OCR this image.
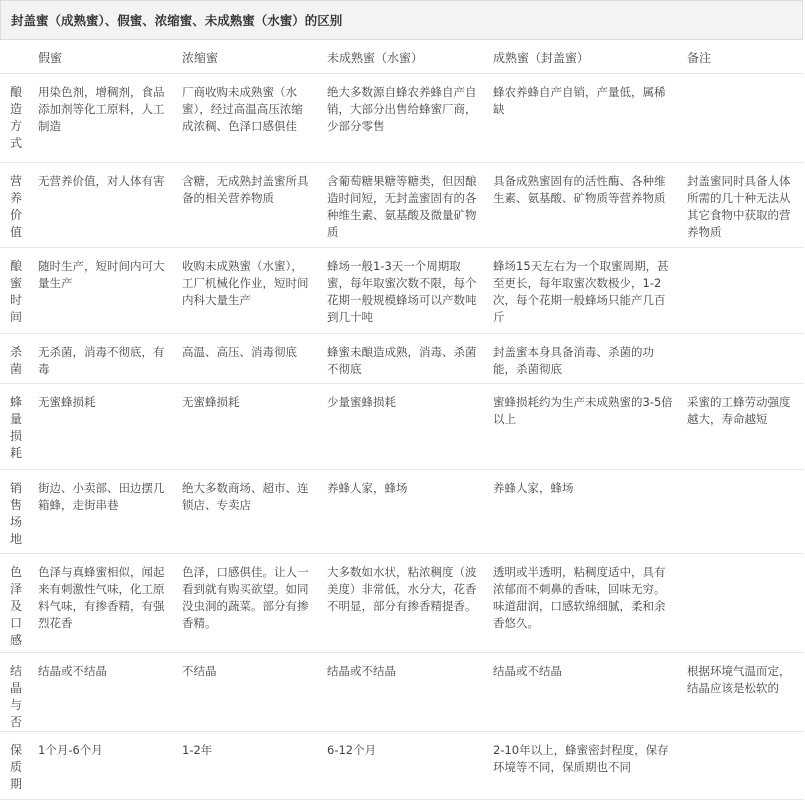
封盖蜜（成熟蜜）、假蜜、浓缩蜜、未成熟蜜（水蜜）的区别
	假蜜	浓缩蜜	未成熟蜜（水蜜）	成熟蜜（封盖蜜）	备注

酿造方式	用染色剂，增稠剂，食品添加剂等化工原料，人工制造	厂商收购未成熟蜜（水蜜），经过高温高压浓缩成浓稠、色泽口感俱佳	绝大多数源自蜂农养蜂自产自销，大部分出售给蜂蜜厂商，少部分零售	蜂农养蜂自产自销，产量低，属稀缺	

营养价值	无营养价值，对人体有害	含糖，无成熟封盖蜜所具备的相关营养物质	含葡萄糖果糖等糖类，但因酿造时间短，无封盖蜜固有的各种维生素、氨基酸及微量矿物质	具备成熟蜜固有的活性酶、各种维生素、氨基酸、矿物质等营养物质	封盖蜜同时具备人体所需的几十种无法从其它食物中获取的营养物质

酿蜜时间	随时生产，短时间内可大量生产	收购未成熟蜜（水蜜），工厂机械化作业，短时间内科大量生产	蜂场一般1-3天一个周期取蜜，每年取蜜次数不限，每个花期一般规模蜂场可以产数吨到几十吨	蜂场15天左右为一个取蜜周期，甚至更长，每年取蜜次数极少，1-2次，每个花期一般蜂场只能产几百斤	

杀菌	无杀菌，消毒不彻底，有毒	高温、高压、消毒彻底	蜂蜜未酿造成熟，消毒、杀菌不彻底	封盖蜜本身具备消毒、杀菌的功能，杀菌彻底	

蜂量损耗	无蜜蜂损耗	无蜜蜂损耗	少量蜜蜂损耗	蜜蜂损耗约为生产未成熟蜜的3-5倍以上	采蜜的工蜂劳动强度越大，寿命越短

销售场地	街边、小卖部、田边摆几箱蜂，走街串巷	绝大多数商场、超市、连锁店、专卖店	养蜂人家，蜂场	养蜂人家，蜂场	

色泽及口感	色泽与真蜂蜜相似，闻起来有刺激性气味，化工原料气味，有掺香精，有强烈花香	色泽，口感俱佳。让人一看到就有购买欲望。如同没虫洞的蔬菜。部分有掺香精。	大多数如水状，粘浓稠度（波美度）非常低，水分大，花香不明显，部分有掺香精提香。	透明或半透明，粘稠度适中，具有浓郁而不刺鼻的香味，回味无穷。味道甜润，口感软绵细腻，柔和余香悠久。	

结晶与否	结晶或不结晶	不结晶	结晶或不结晶	结晶或不结晶	根据环境气温而定，结晶应该是松软的

保质期	1个月-6个月	1-2年	6-12个月	2-10年以上，蜂蜜密封程度，保存环境等不同，保质期也不同	
